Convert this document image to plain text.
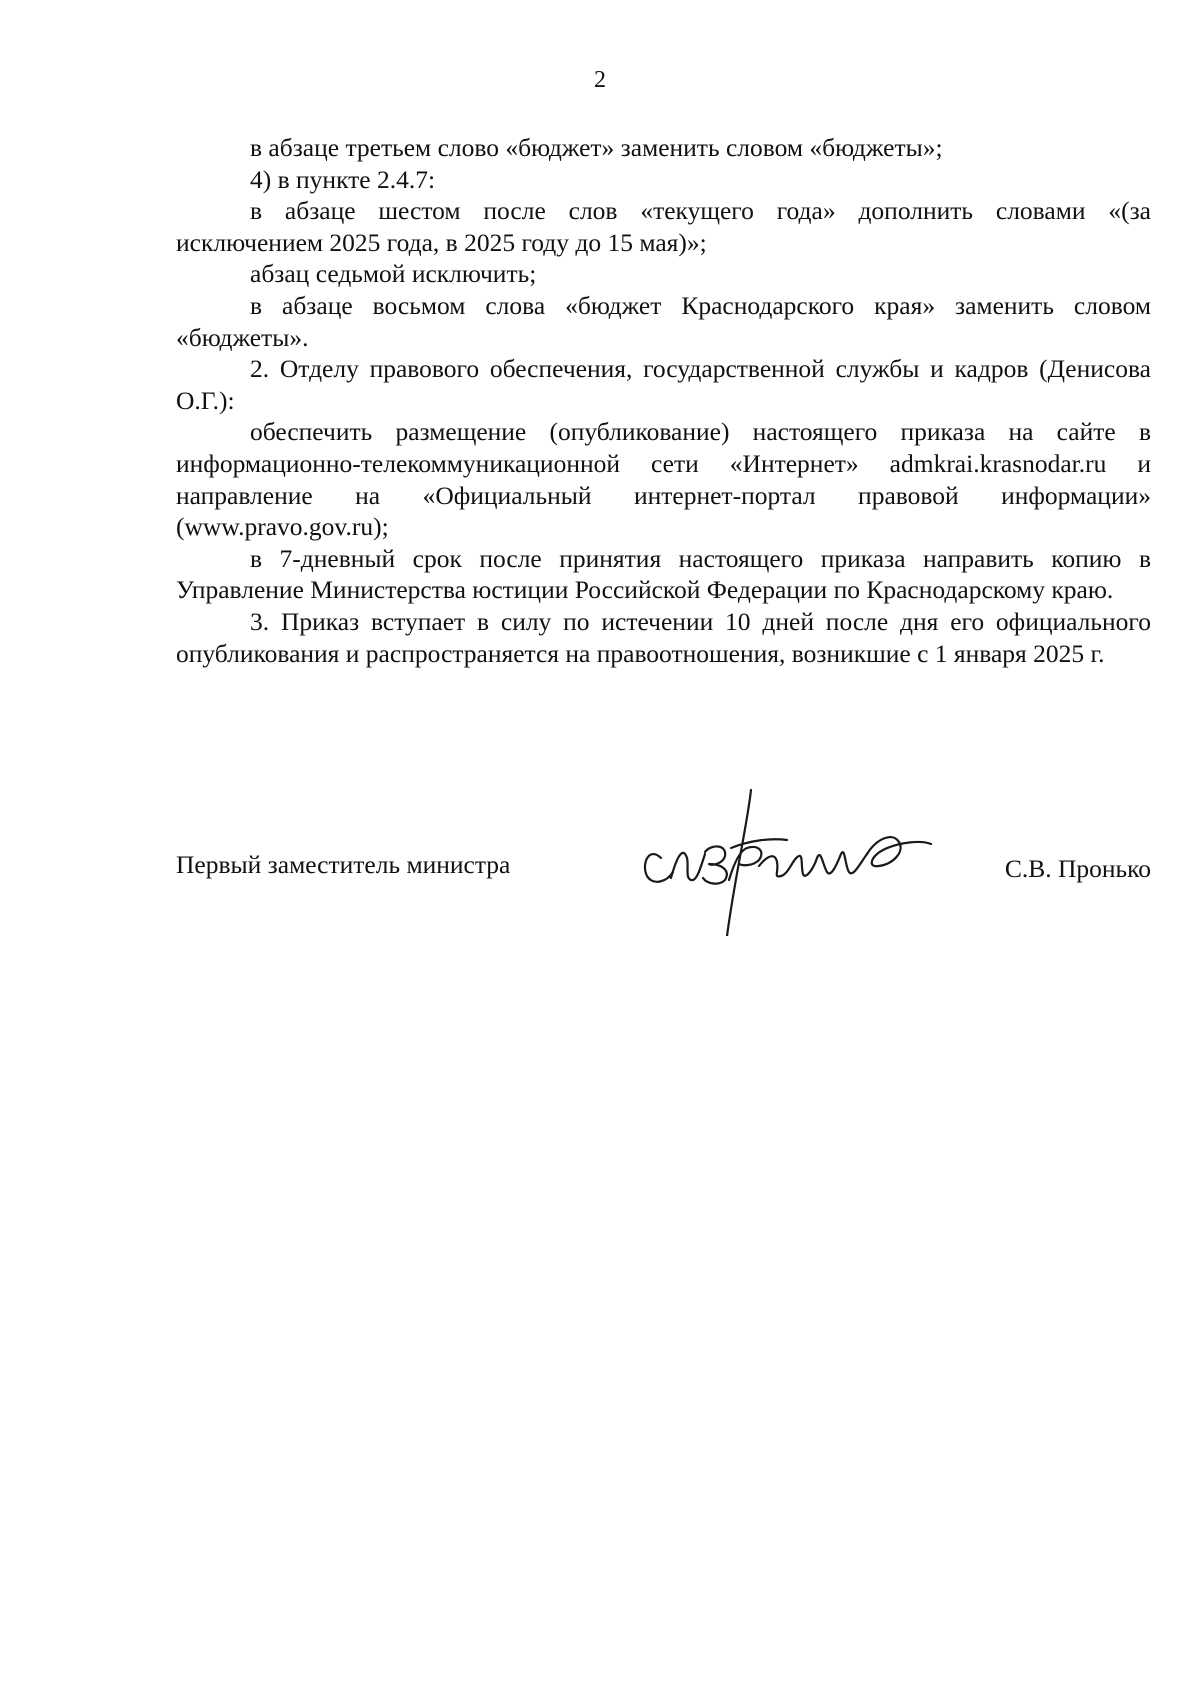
2

в абзаце третьем слово «бюджет» заменить словом «бюджеты»;

4) в пункте 2.4.7:

в абзаце шестом после слов «текущего года» дополнить словами «(за исключением 2025 года, в 2025 году до 15 мая)»;

абзац седьмой исключить;

в абзаце восьмом слова «бюджет Краснодарского края» заменить словом «бюджеты».

2. Отделу правового обеспечения, государственной службы и кадров (Денисова О.Г.):

обеспечить размещение (опубликование) настоящего приказа на сайте в информационно-телекоммуникационной сети «Интернет» admkrai.krasnodar.ru и направление на «Официальный интернет-портал правовой информации» (www.pravo.gov.ru);

в 7-дневный срок после принятия настоящего приказа направить копию в Управление Министерства юстиции Российской Федерации по Краснодарскому краю.

3. Приказ вступает в силу по истечении 10 дней после дня его официального опубликования и распространяется на правоотношения, возникшие с 1 января 2025 г.

Первый заместитель министра	С.В. Пронько
